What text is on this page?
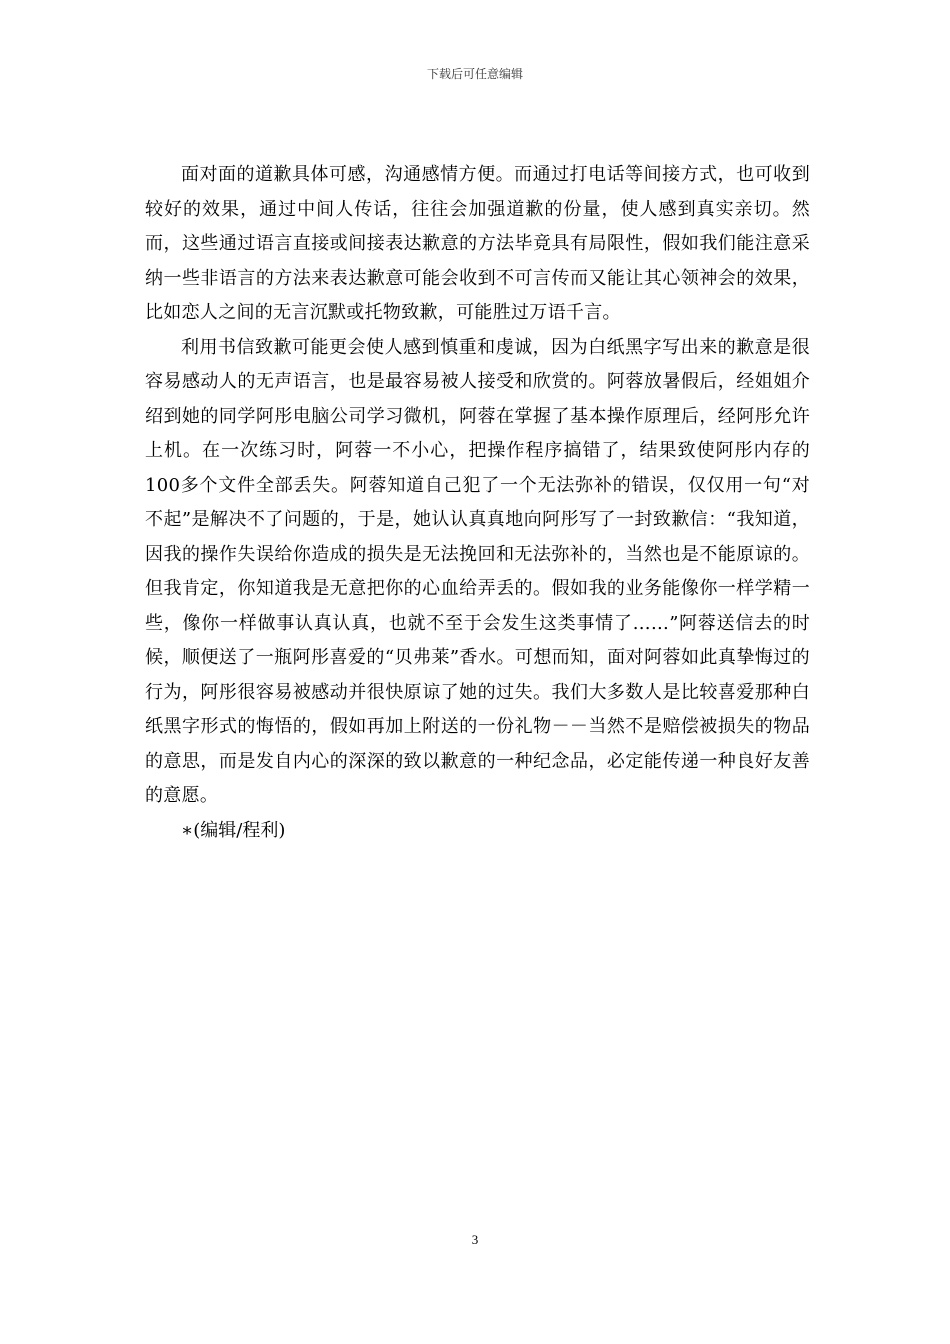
下载后可任意编辑

面对面的道歉具体可感，沟通感情方便。而通过打电话等间接方式，也可收到较好的效果，通过中间人传话，往往会加强道歉的份量，使人感到真实亲切。然而，这些通过语言直接或间接表达歉意的方法毕竟具有局限性，假如我们能注意采纳一些非语言的方法来表达歉意可能会收到不可言传而又能让其心领神会的效果，比如恋人之间的无言沉默或托物致歉，可能胜过万语千言。

利用书信致歉可能更会使人感到慎重和虔诚，因为白纸黑字写出来的歉意是很容易感动人的无声语言，也是最容易被人接受和欣赏的。阿蓉放暑假后，经姐姐介绍到她的同学阿彤电脑公司学习微机，阿蓉在掌握了基本操作原理后，经阿彤允许上机。在一次练习时，阿蓉一不小心，把操作程序搞错了，结果致使阿彤内存的100多个文件全部丢失。阿蓉知道自己犯了一个无法弥补的错误，仅仅用一句“对不起”是解决不了问题的，于是，她认认真真地向阿彤写了一封致歉信：“我知道，因我的操作失误给你造成的损失是无法挽回和无法弥补的，当然也是不能原谅的。但我肯定，你知道我是无意把你的心血给弄丢的。假如我的业务能像你一样学精一些，像你一样做事认真认真，也就不至于会发生这类事情了……”阿蓉送信去的时候，顺便送了一瓶阿彤喜爱的“贝弗莱”香水。可想而知，面对阿蓉如此真挚悔过的行为，阿彤很容易被感动并很快原谅了她的过失。我们大多数人是比较喜爱那种白纸黑字形式的悔悟的，假如再加上附送的一份礼物－－当然不是赔偿被损失的物品的意思，而是发自内心的深深的致以歉意的一种纪念品，必定能传递一种良好友善的意愿。

∗(编辑/程利)

3
